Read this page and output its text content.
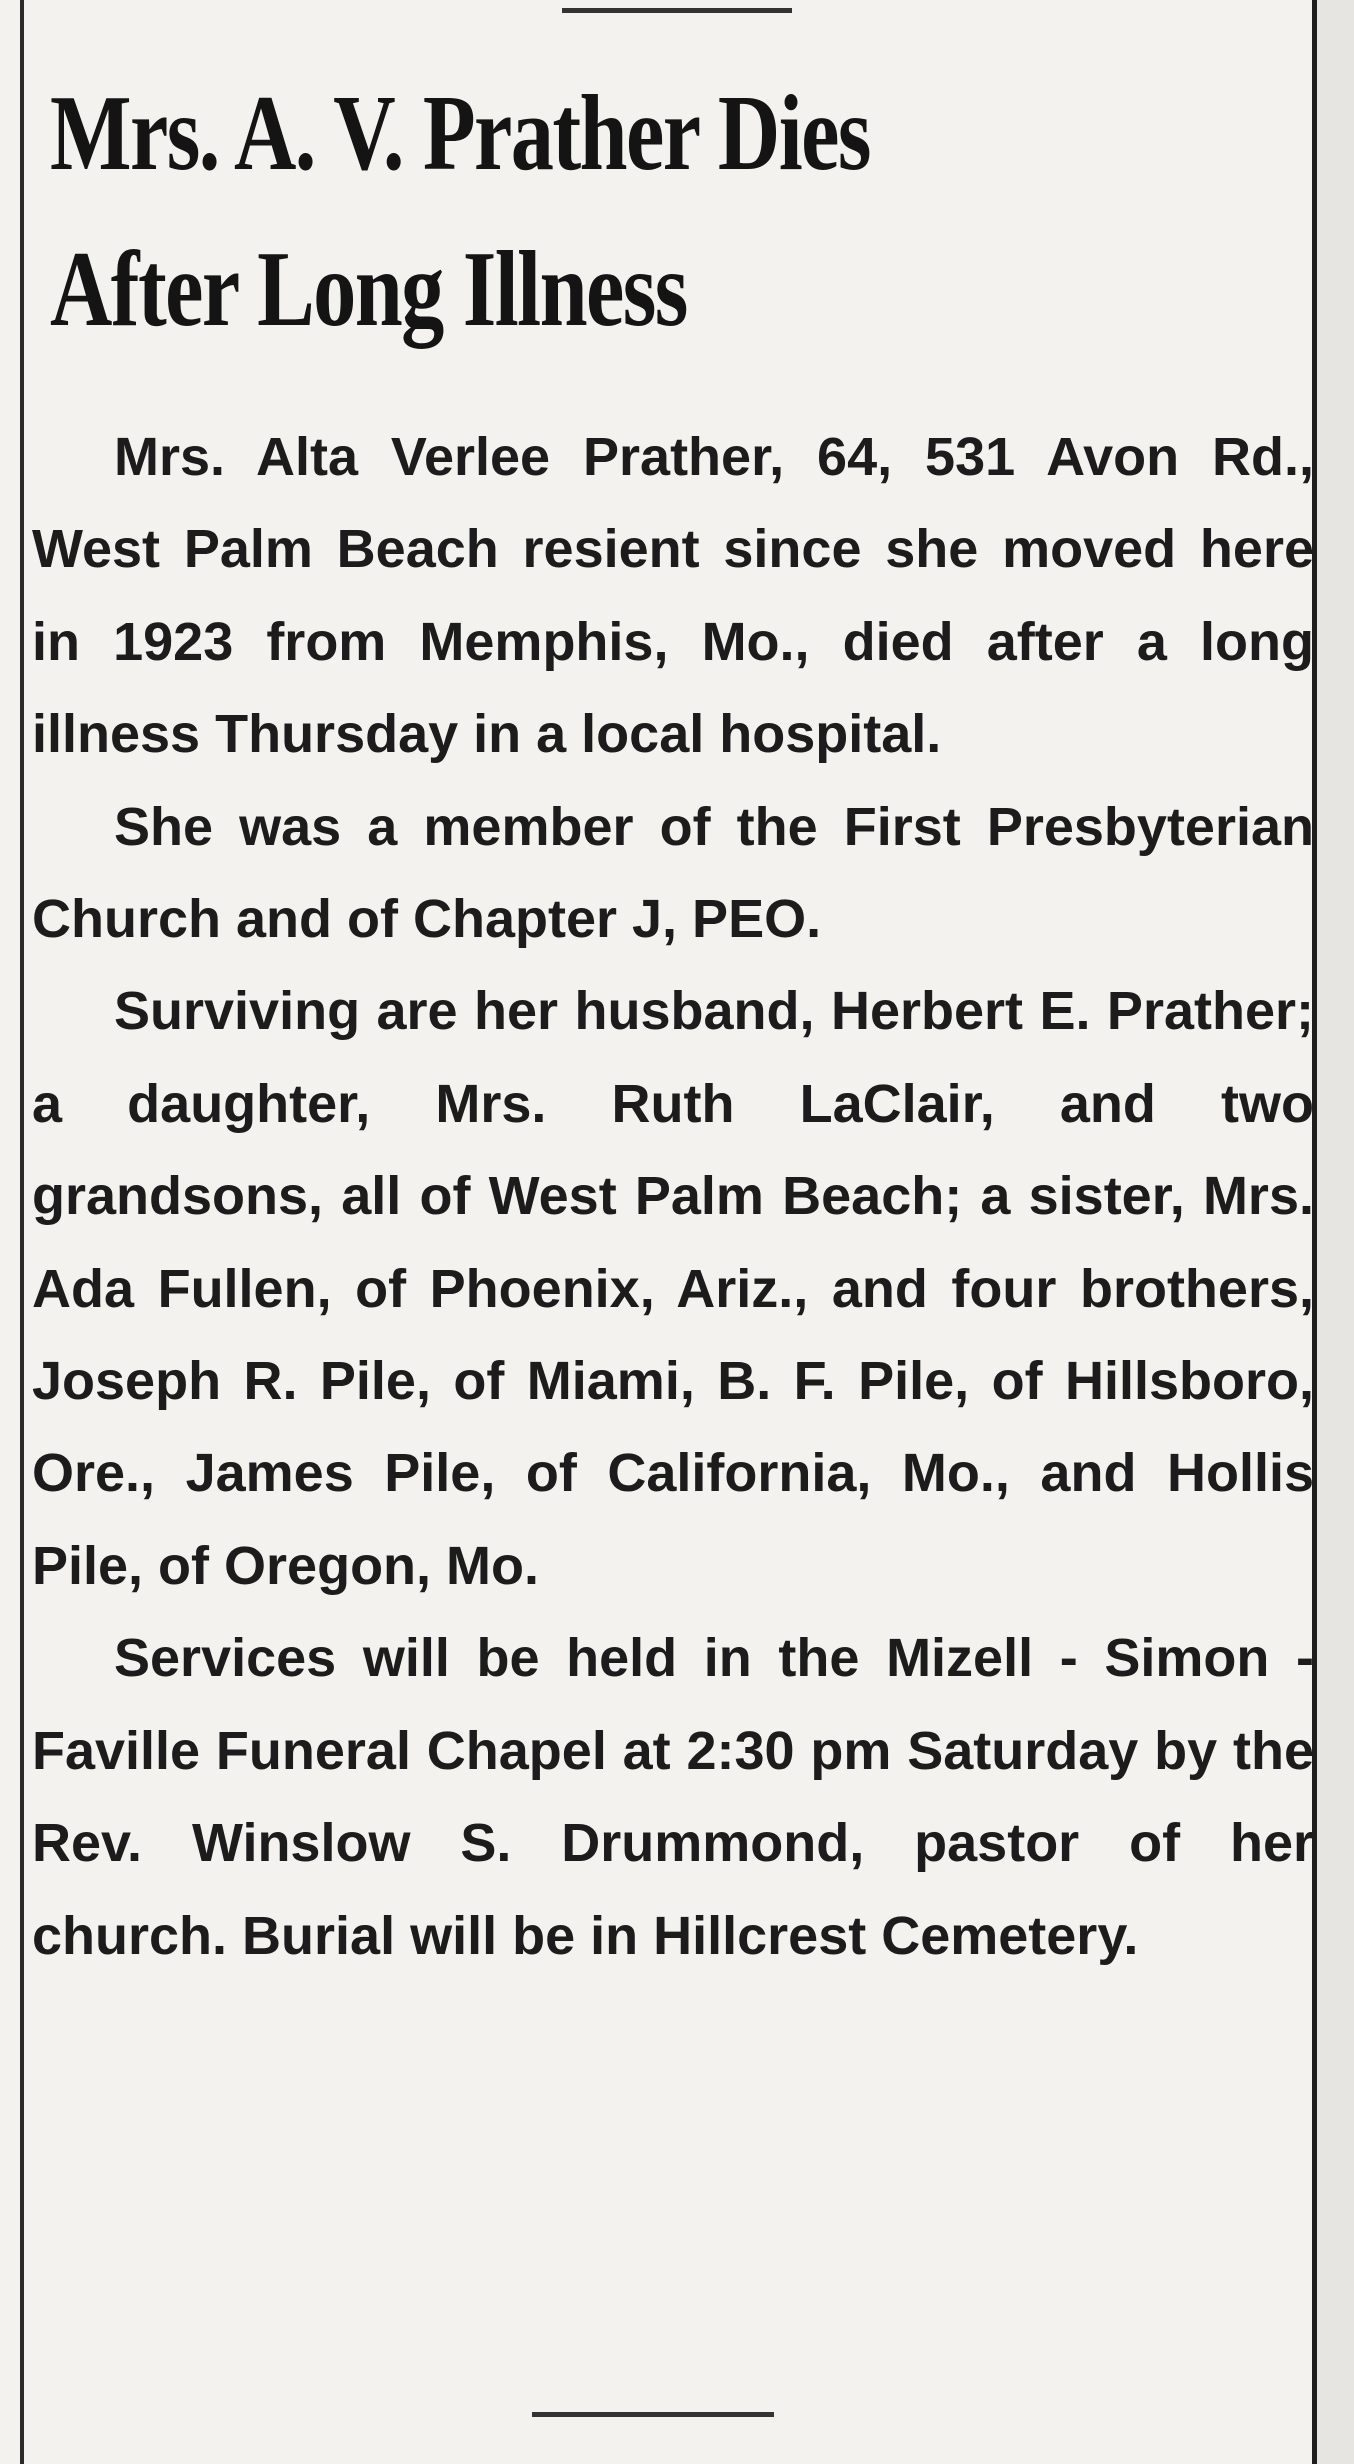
Mrs. A. V. Prather Dies
After Long Illness

Mrs. Alta Verlee Prather, 64, 531 Avon Rd., West Palm Beach resient since she moved here in 1923 from Memphis, Mo., died after a long illness Thursday in a local hospital.

She was a member of the First Presbyterian Church and of Chapter J, PEO.

Surviving are her husband, Herbert E. Prather; a daughter, Mrs. Ruth LaClair, and two grandsons, all of West Palm Beach; a sister, Mrs. Ada Fullen, of Phoenix, Ariz., and four brothers, Joseph R. Pile, of Miami, B. F. Pile, of Hillsboro, Ore., James Pile, of California, Mo., and Hollis Pile, of Oregon, Mo.

Services will be held in the Mizell - Simon - Faville Funeral Chapel at 2:30 pm Saturday by the Rev. Winslow S. Drummond, pastor of her church. Burial will be in Hillcrest Cemetery.
